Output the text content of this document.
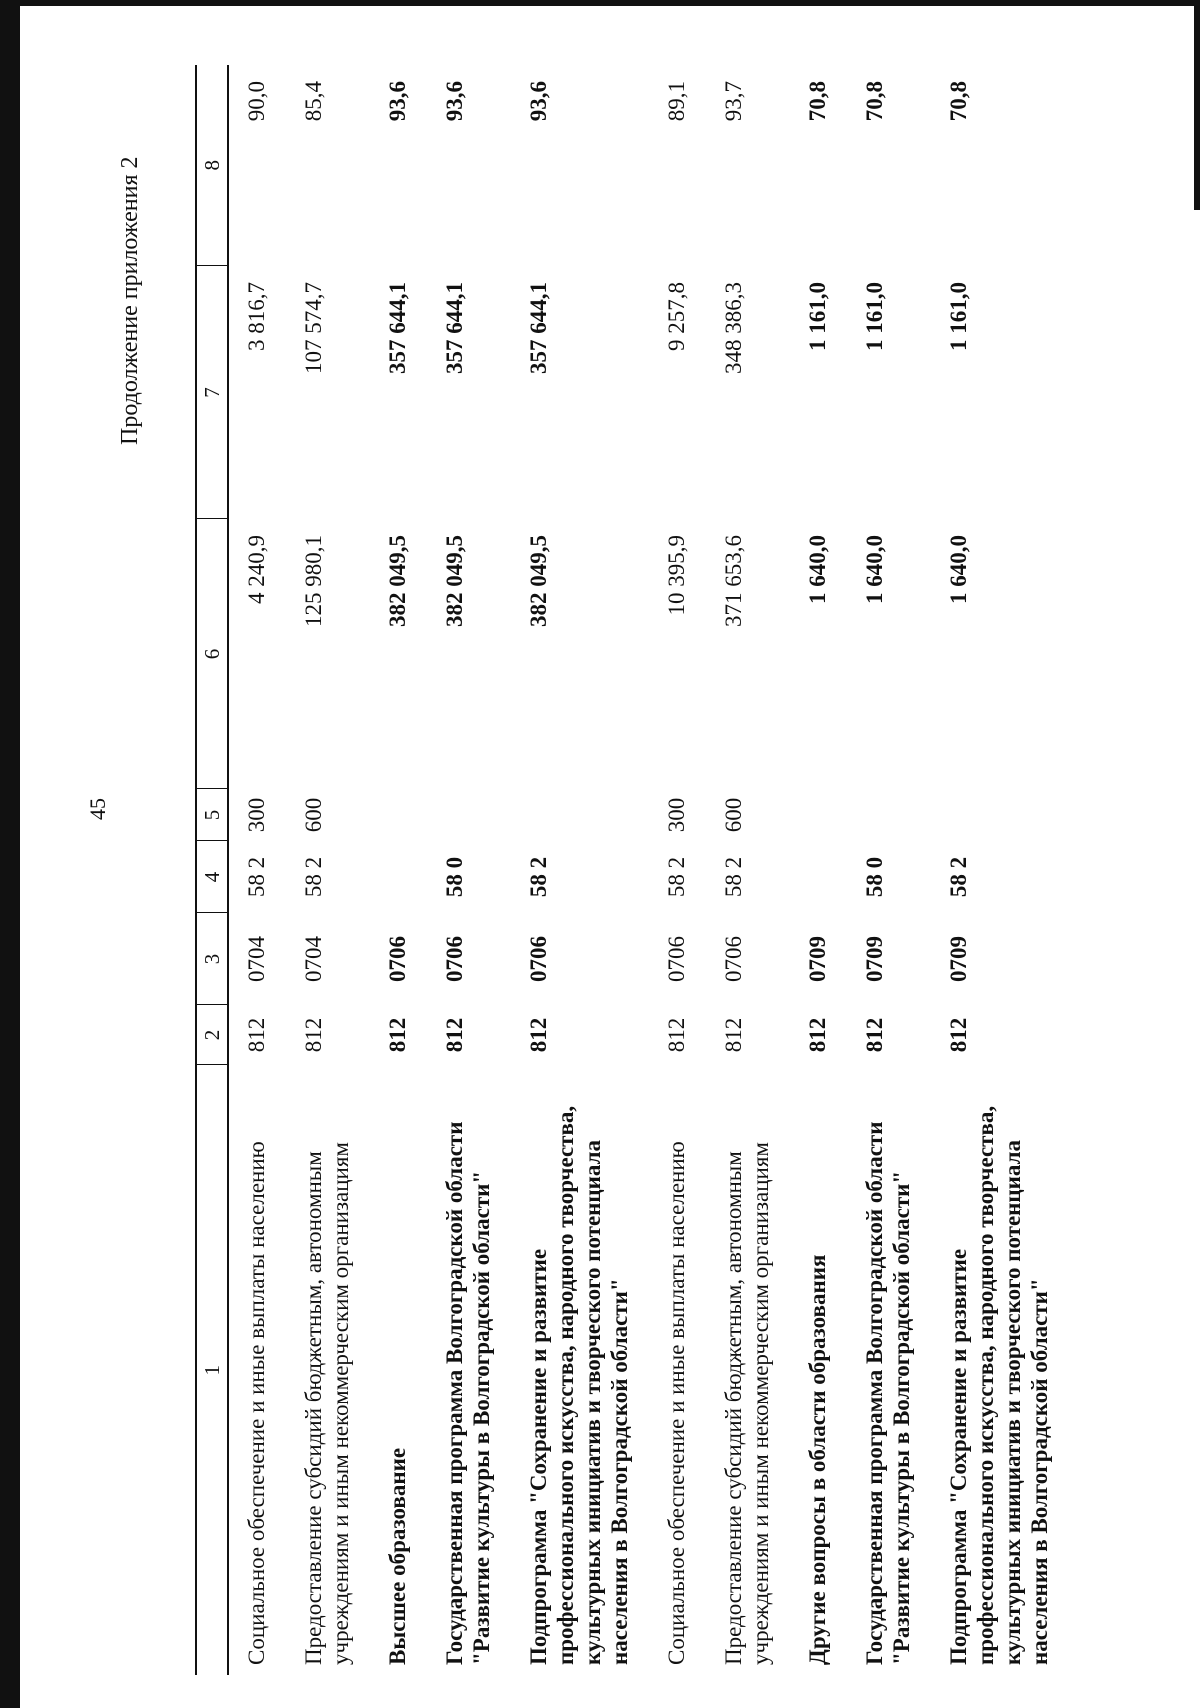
45
Продолжение приложения 2
1	2	3	4	5	6	7	8
Социальное обеспечение и иные выплаты населению	812	0704	58 2	300	4 240,9	3 816,7	90,0
Предоставление субсидий бюджетным, автономным учреждениям и иным некоммерческим организациям	812	0704	58 2	600	125 980,1	107 574,7	85,4
Высшее образование	812	0706			382 049,5	357 644,1	93,6
Государственная программа Волгоградской области "Развитие культуры в Волгоградской области"	812	0706	58 0		382 049,5	357 644,1	93,6
Подпрограмма "Сохранение и развитие профессионального искусства, народного творчества, культурных инициатив и творческого потенциала населения в Волгоградской области"	812	0706	58 2		382 049,5	357 644,1	93,6
Социальное обеспечение и иные выплаты населению	812	0706	58 2	300	10 395,9	9 257,8	89,1
Предоставление субсидий бюджетным, автономным учреждениям и иным некоммерческим организациям	812	0706	58 2	600	371 653,6	348 386,3	93,7
Другие вопросы в области образования	812	0709			1 640,0	1 161,0	70,8
Государственная программа Волгоградской области "Развитие культуры в Волгоградской области"	812	0709	58 0		1 640,0	1 161,0	70,8
Подпрограмма "Сохранение и развитие профессионального искусства, народного творчества, культурных инициатив и творческого потенциала населения в Волгоградской области"	812	0709	58 2		1 640,0	1 161,0	70,8
